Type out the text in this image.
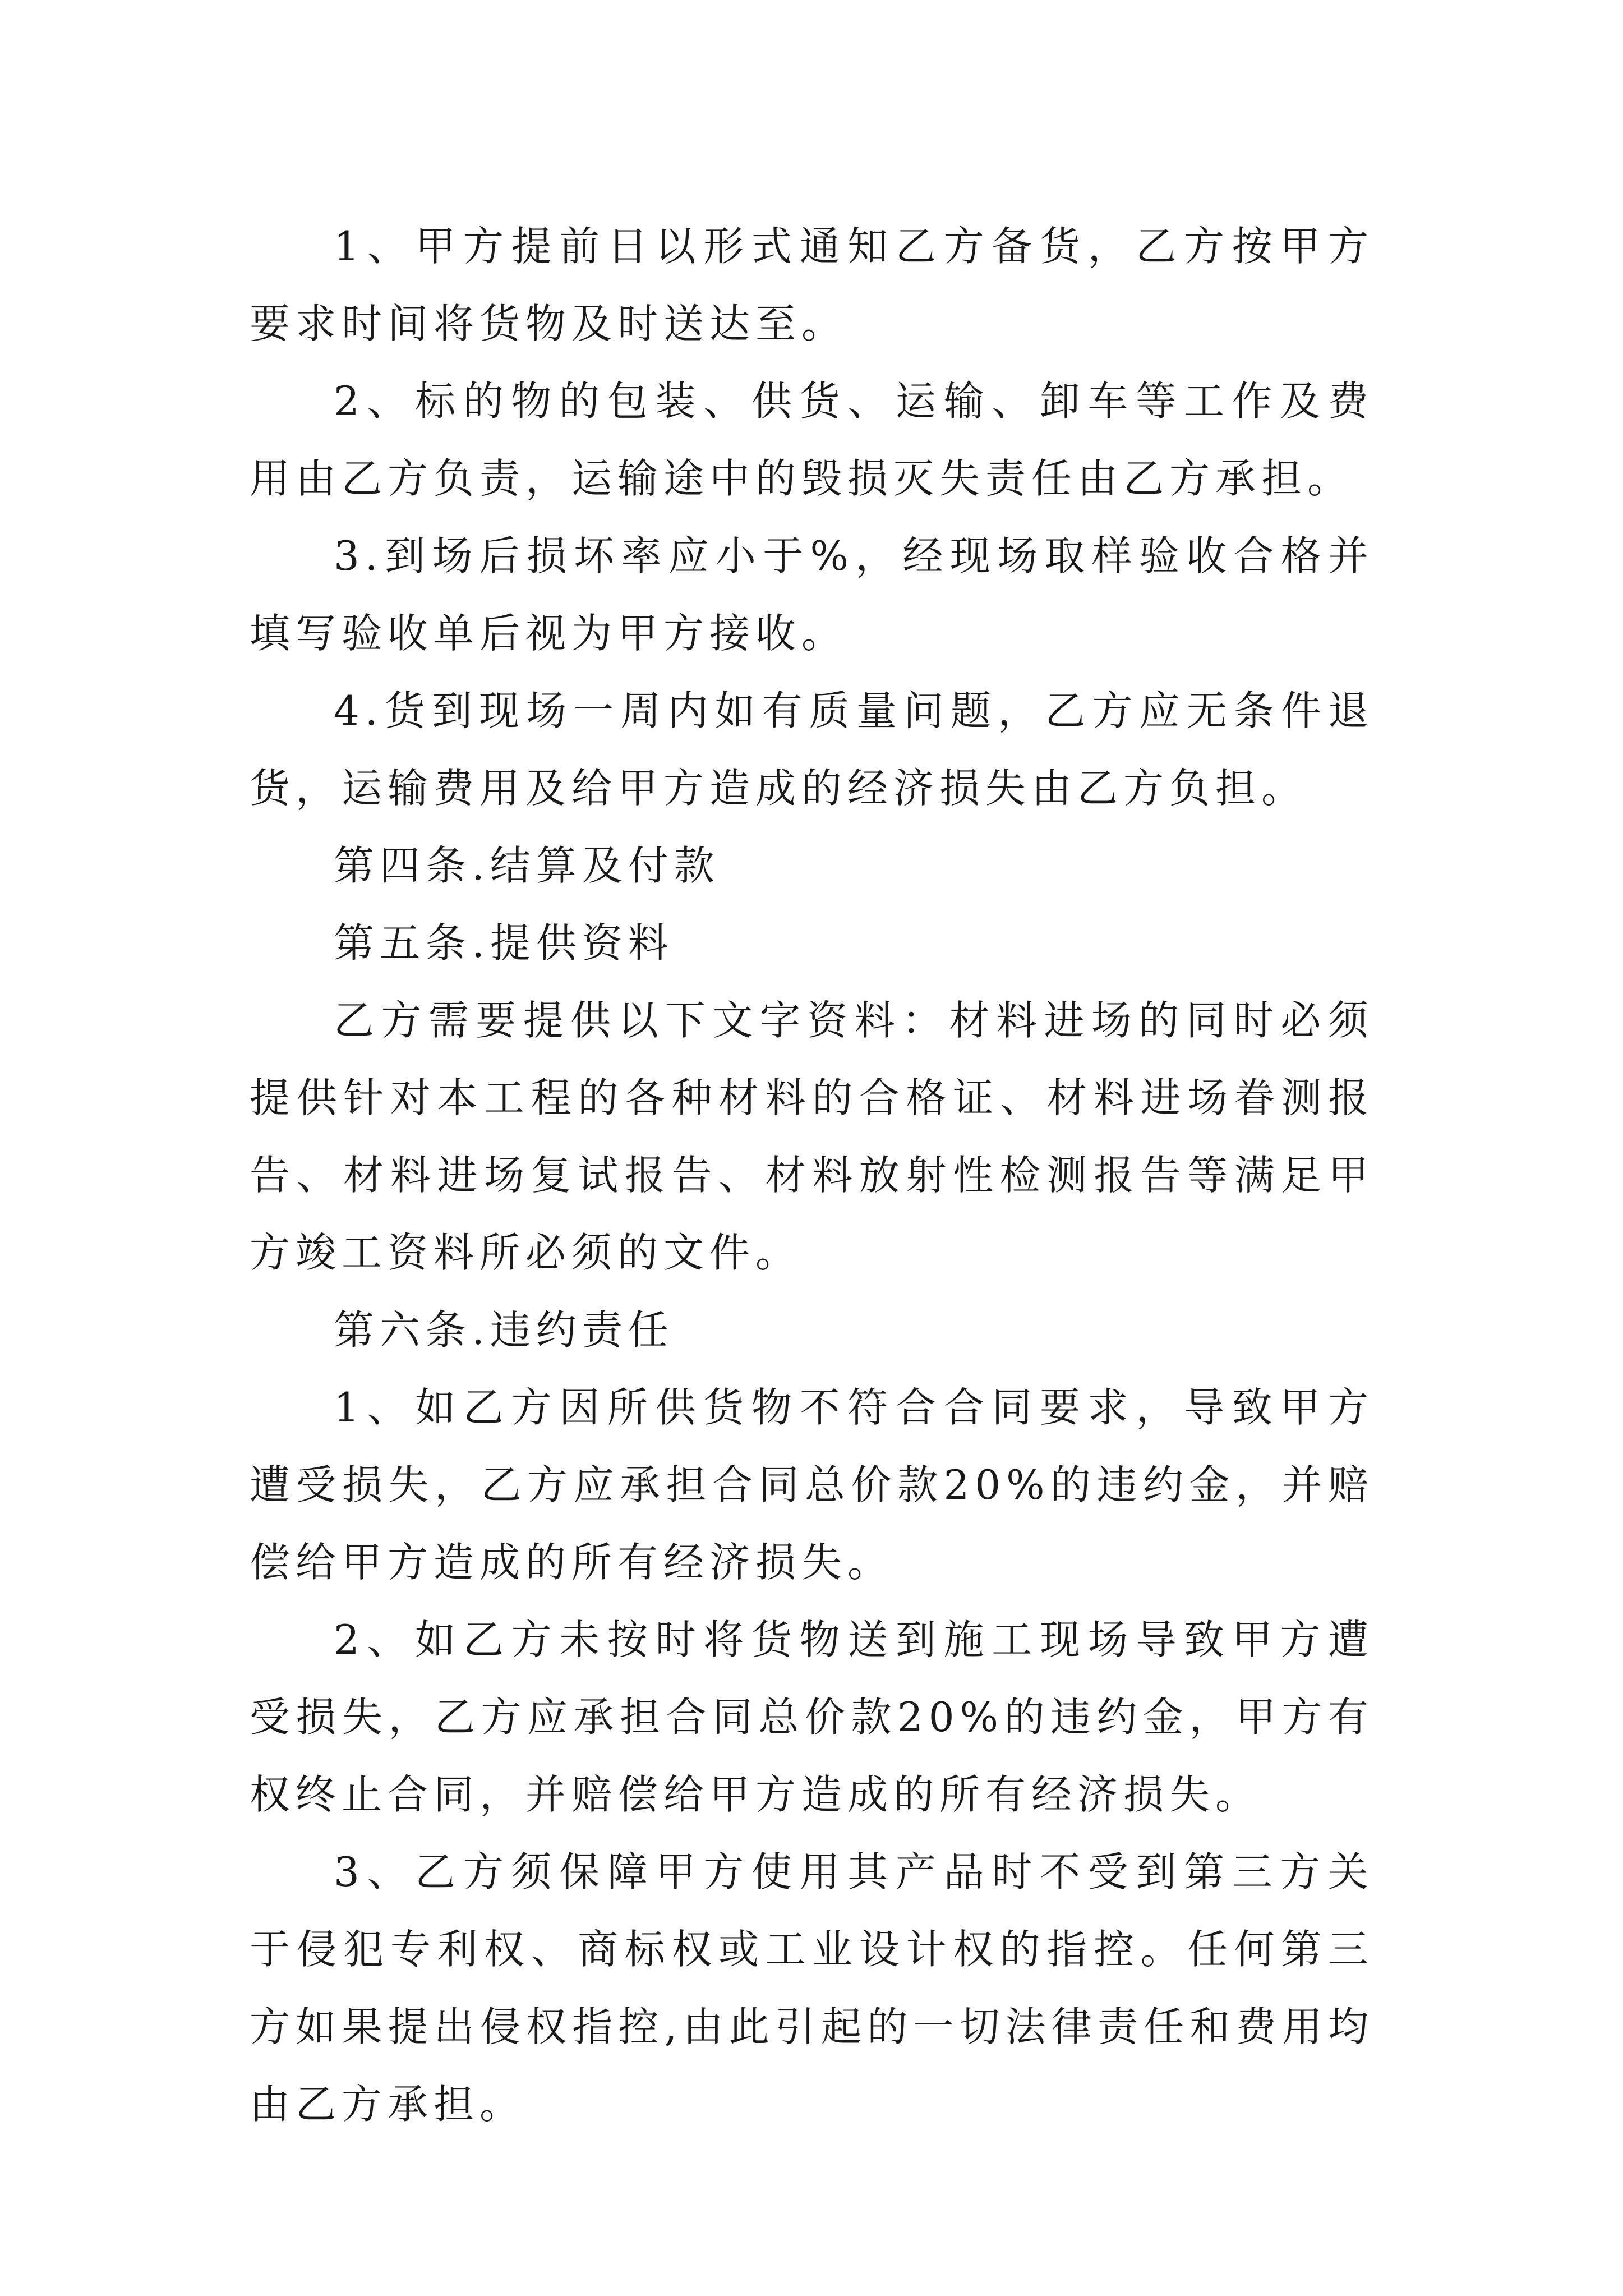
1、甲方提前日以形式通知乙方备货，乙方按甲方要求时间将货物及时送达至。

2、标的物的包装、供货、运输、卸车等工作及费用由乙方负责，运输途中的毁损灭失责任由乙方承担。

3.到场后损坏率应小于%，经现场取样验收合格并填写验收单后视为甲方接收。

4.货到现场一周内如有质量问题，乙方应无条件退货，运输费用及给甲方造成的经济损失由乙方负担。

第四条.结算及付款

第五条.提供资料

乙方需要提供以下文字资料：材料进场的同时必须提供针对本工程的各种材料的合格证、材料进场眷测报告、材料进场复试报告、材料放射性检测报告等满足甲方竣工资料所必须的文件。

第六条.违约责任

1、如乙方因所供货物不符合合同要求，导致甲方遭受损失，乙方应承担合同总价款20%的违约金，并赔偿给甲方造成的所有经济损失。

2、如乙方未按时将货物送到施工现场导致甲方遭受损失，乙方应承担合同总价款20%的违约金，甲方有权终止合同，并赔偿给甲方造成的所有经济损失。

3、乙方须保障甲方使用其产品时不受到第三方关于侵犯专利权、商标权或工业设计权的指控。任何第三方如果提出侵权指控,由此引起的一切法律责任和费用均由乙方承担。
